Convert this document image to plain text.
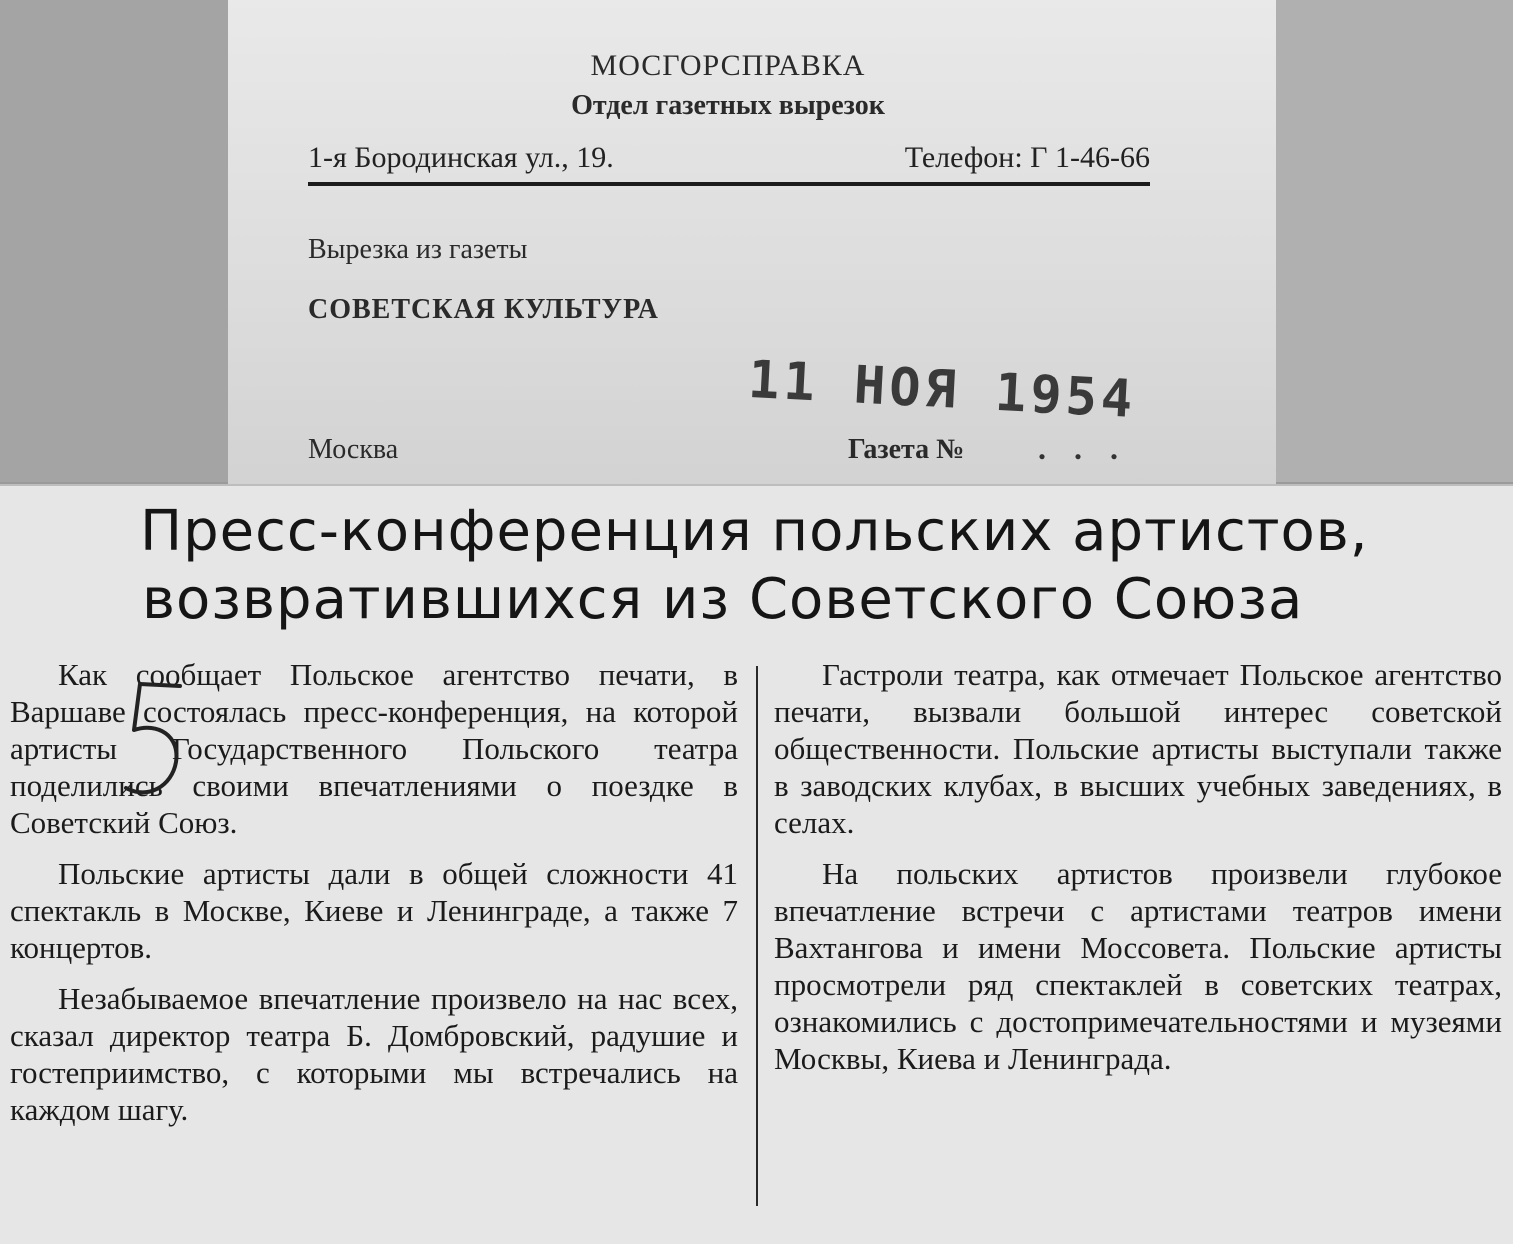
МОСГОРСПРАВКА
Отдел газетных вырезок
1-я Бородинская ул., 19.	Телефон: Г 1-46-66
Вырезка из газеты
СОВЕТСКАЯ КУЛЬТУРА
11 НОЯ 1954
Москва	Газета № . . .
Пресс-конференция польских артистов,
возвратившихся из Советского Союза

Как сообщает Польское агентство печати, в Варшаве состоялась пресс-конференция, на которой артисты Государственного Польского театра поделились своими впечатлениями о поездке в Советский Союз.

Польские артисты дали в общей сложности 41 спектакль в Москве, Киеве и Ленинграде, а также 7 концертов.

Незабываемое впечатление произвело на нас всех, сказал директор театра Б. Домбровский, радушие и гостеприимство, с которыми мы встречались на каждом шагу.

Гастроли театра, как отмечает Польское агентство печати, вызвали большой интерес советской общественности. Польские артисты выступали также в заводских клубах, в высших учебных заведениях, в селах.

На польских артистов произвели глубокое впечатление встречи с артистами театров имени Вахтангова и имени Моссовета. Польские артисты просмотрели ряд спектаклей в советских театрах, ознакомились с достопримечательностями и музеями Москвы, Киева и Ленинграда.
